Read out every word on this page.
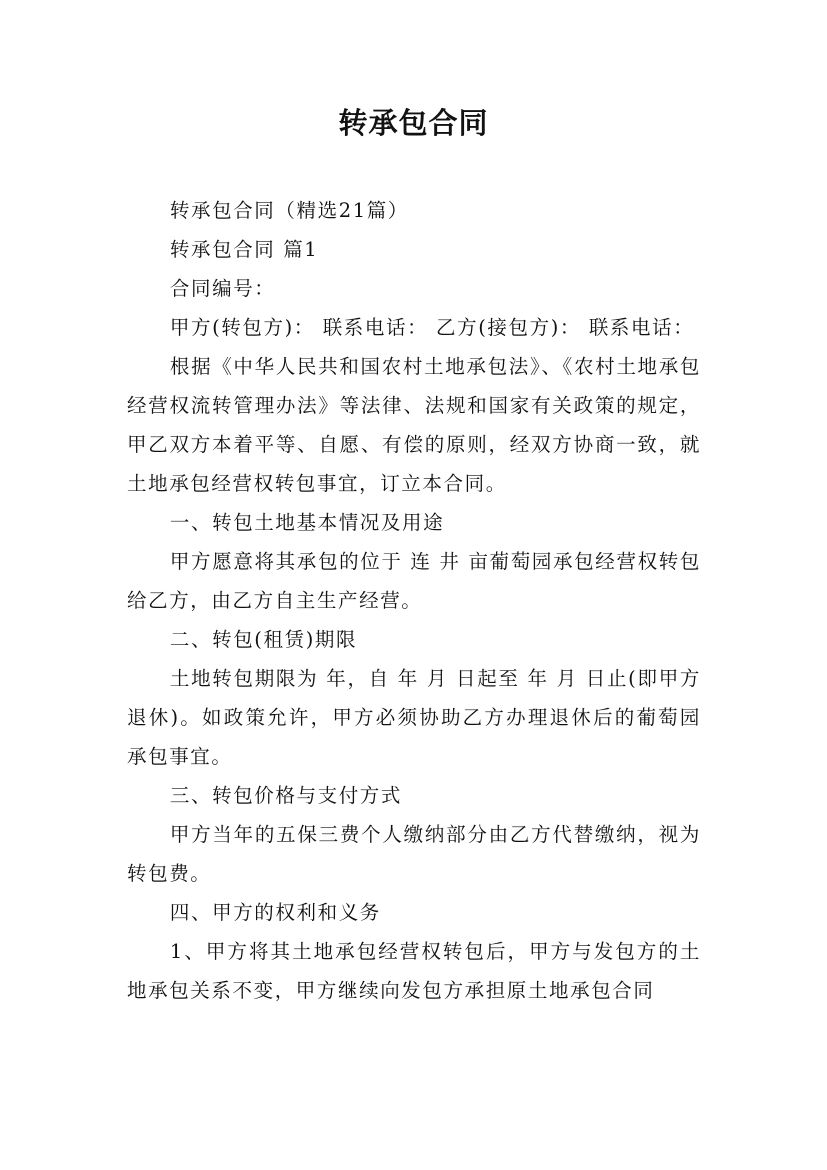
转承包合同

转承包合同（精选21篇）

转承包合同 篇1

合同编号：

甲方(转包方)： 联系电话： 乙方(接包方)： 联系电话：

根据《中华人民共和国农村土地承包法》、《农村土地承包经营权流转管理办法》等法律、法规和国家有关政策的规定，甲乙双方本着平等、自愿、有偿的原则，经双方协商一致，就土地承包经营权转包事宜，订立本合同。

一、转包土地基本情况及用途

甲方愿意将其承包的位于 连 井 亩葡萄园承包经营权转包给乙方，由乙方自主生产经营。

二、转包(租赁)期限

土地转包期限为 年，自 年 月 日起至 年 月 日止(即甲方退休)。如政策允许，甲方必须协助乙方办理退休后的葡萄园承包事宜。

三、转包价格与支付方式

甲方当年的五保三费个人缴纳部分由乙方代替缴纳，视为转包费。

四、甲方的权利和义务

1、甲方将其土地承包经营权转包后，甲方与发包方的土地承包关系不变，甲方继续向发包方承担原土地承包合同
